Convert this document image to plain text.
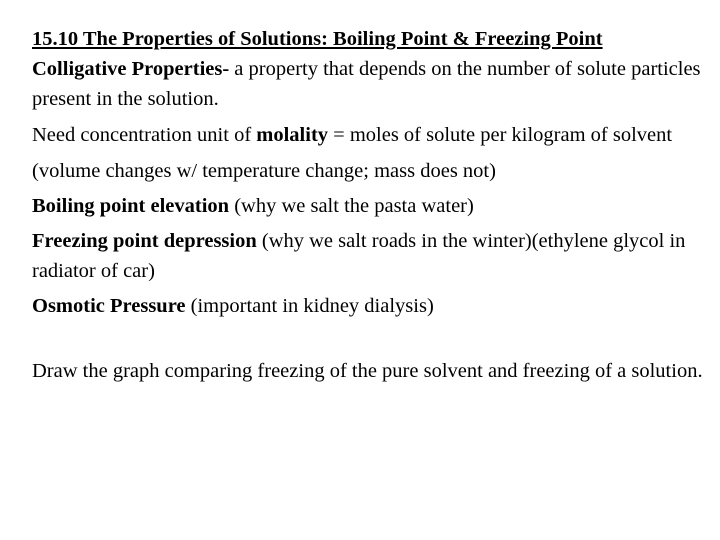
15.10 The Properties of Solutions: Boiling Point & Freezing Point

Colligative Properties- a property that depends on the number of solute particles present in the solution.

Need concentration unit of molality = moles of solute per kilogram of solvent

(volume changes w/ temperature change; mass does not)

Boiling point elevation (why we salt the pasta water)

Freezing point depression (why we salt roads in the winter)(ethylene glycol in radiator of car)

Osmotic Pressure (important in kidney dialysis)

Draw the graph comparing freezing of the pure solvent and freezing of a solution.
